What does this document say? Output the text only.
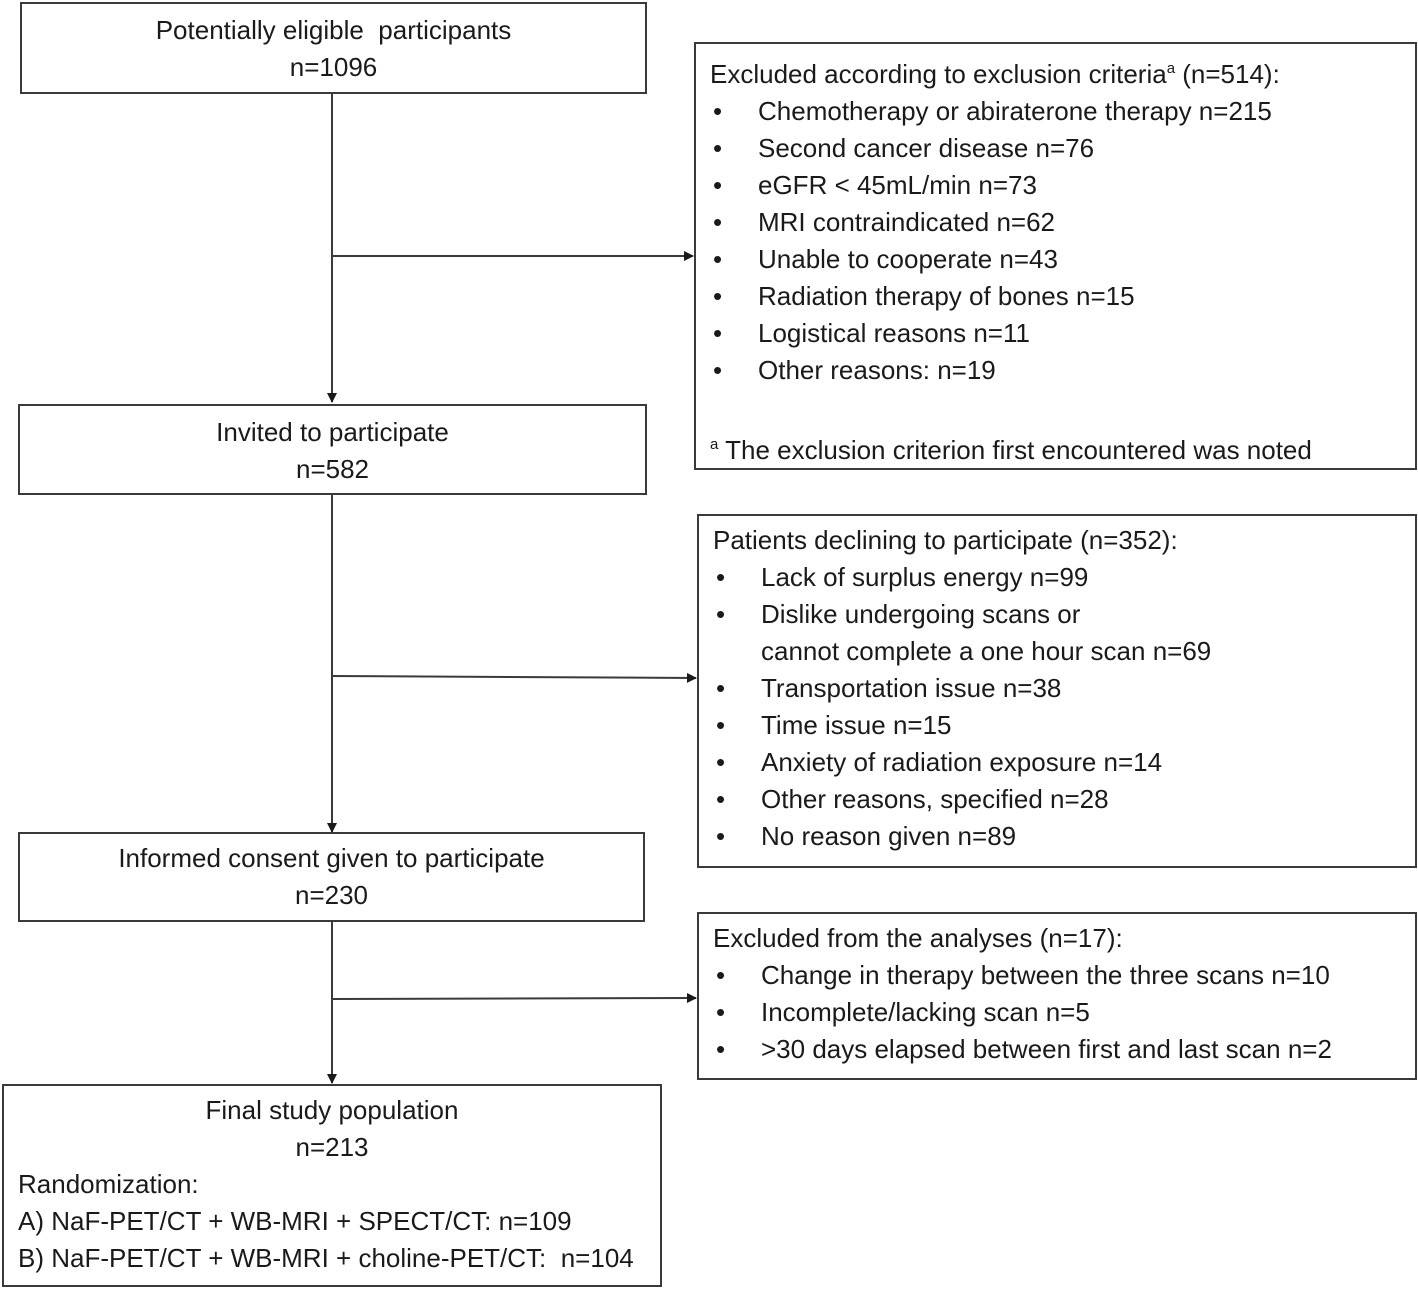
Potentially eligible  participants
n=1096	Excluded according to exclusion criteria$^a$ (n=514):
• Chemotherapy or abiraterone therapy n=215
• Second cancer disease n=76
• eGFR < 45mL/min n=73
• MRI contraindicated n=62
• Unable to cooperate n=43
• Radiation therapy of bones n=15
• Logistical reasons n=11
• Other reasons: n=19
$^a$ The exclusion criterion first encountered was noted
Invited to participate
n=582
Patients declining to participate (n=352):
• Lack of surplus energy n=99
• Dislike undergoing scans or
cannot complete a one hour scan n=69
• Transportation issue n=38
• Time issue n=15
• Anxiety of radiation exposure n=14
• Other reasons, specified n=28
• No reason given n=89
Informed consent given to participate
n=230
Excluded from the analyses (n=17):
• Change in therapy between the three scans n=10
• Incomplete/lacking scan n=5
• >30 days elapsed between first and last scan n=2
Final study population
n=213
Randomization:
A) NaF-PET/CT + WB-MRI + SPECT/CT: n=109
B) NaF-PET/CT + WB-MRI + choline-PET/CT:  n=104
